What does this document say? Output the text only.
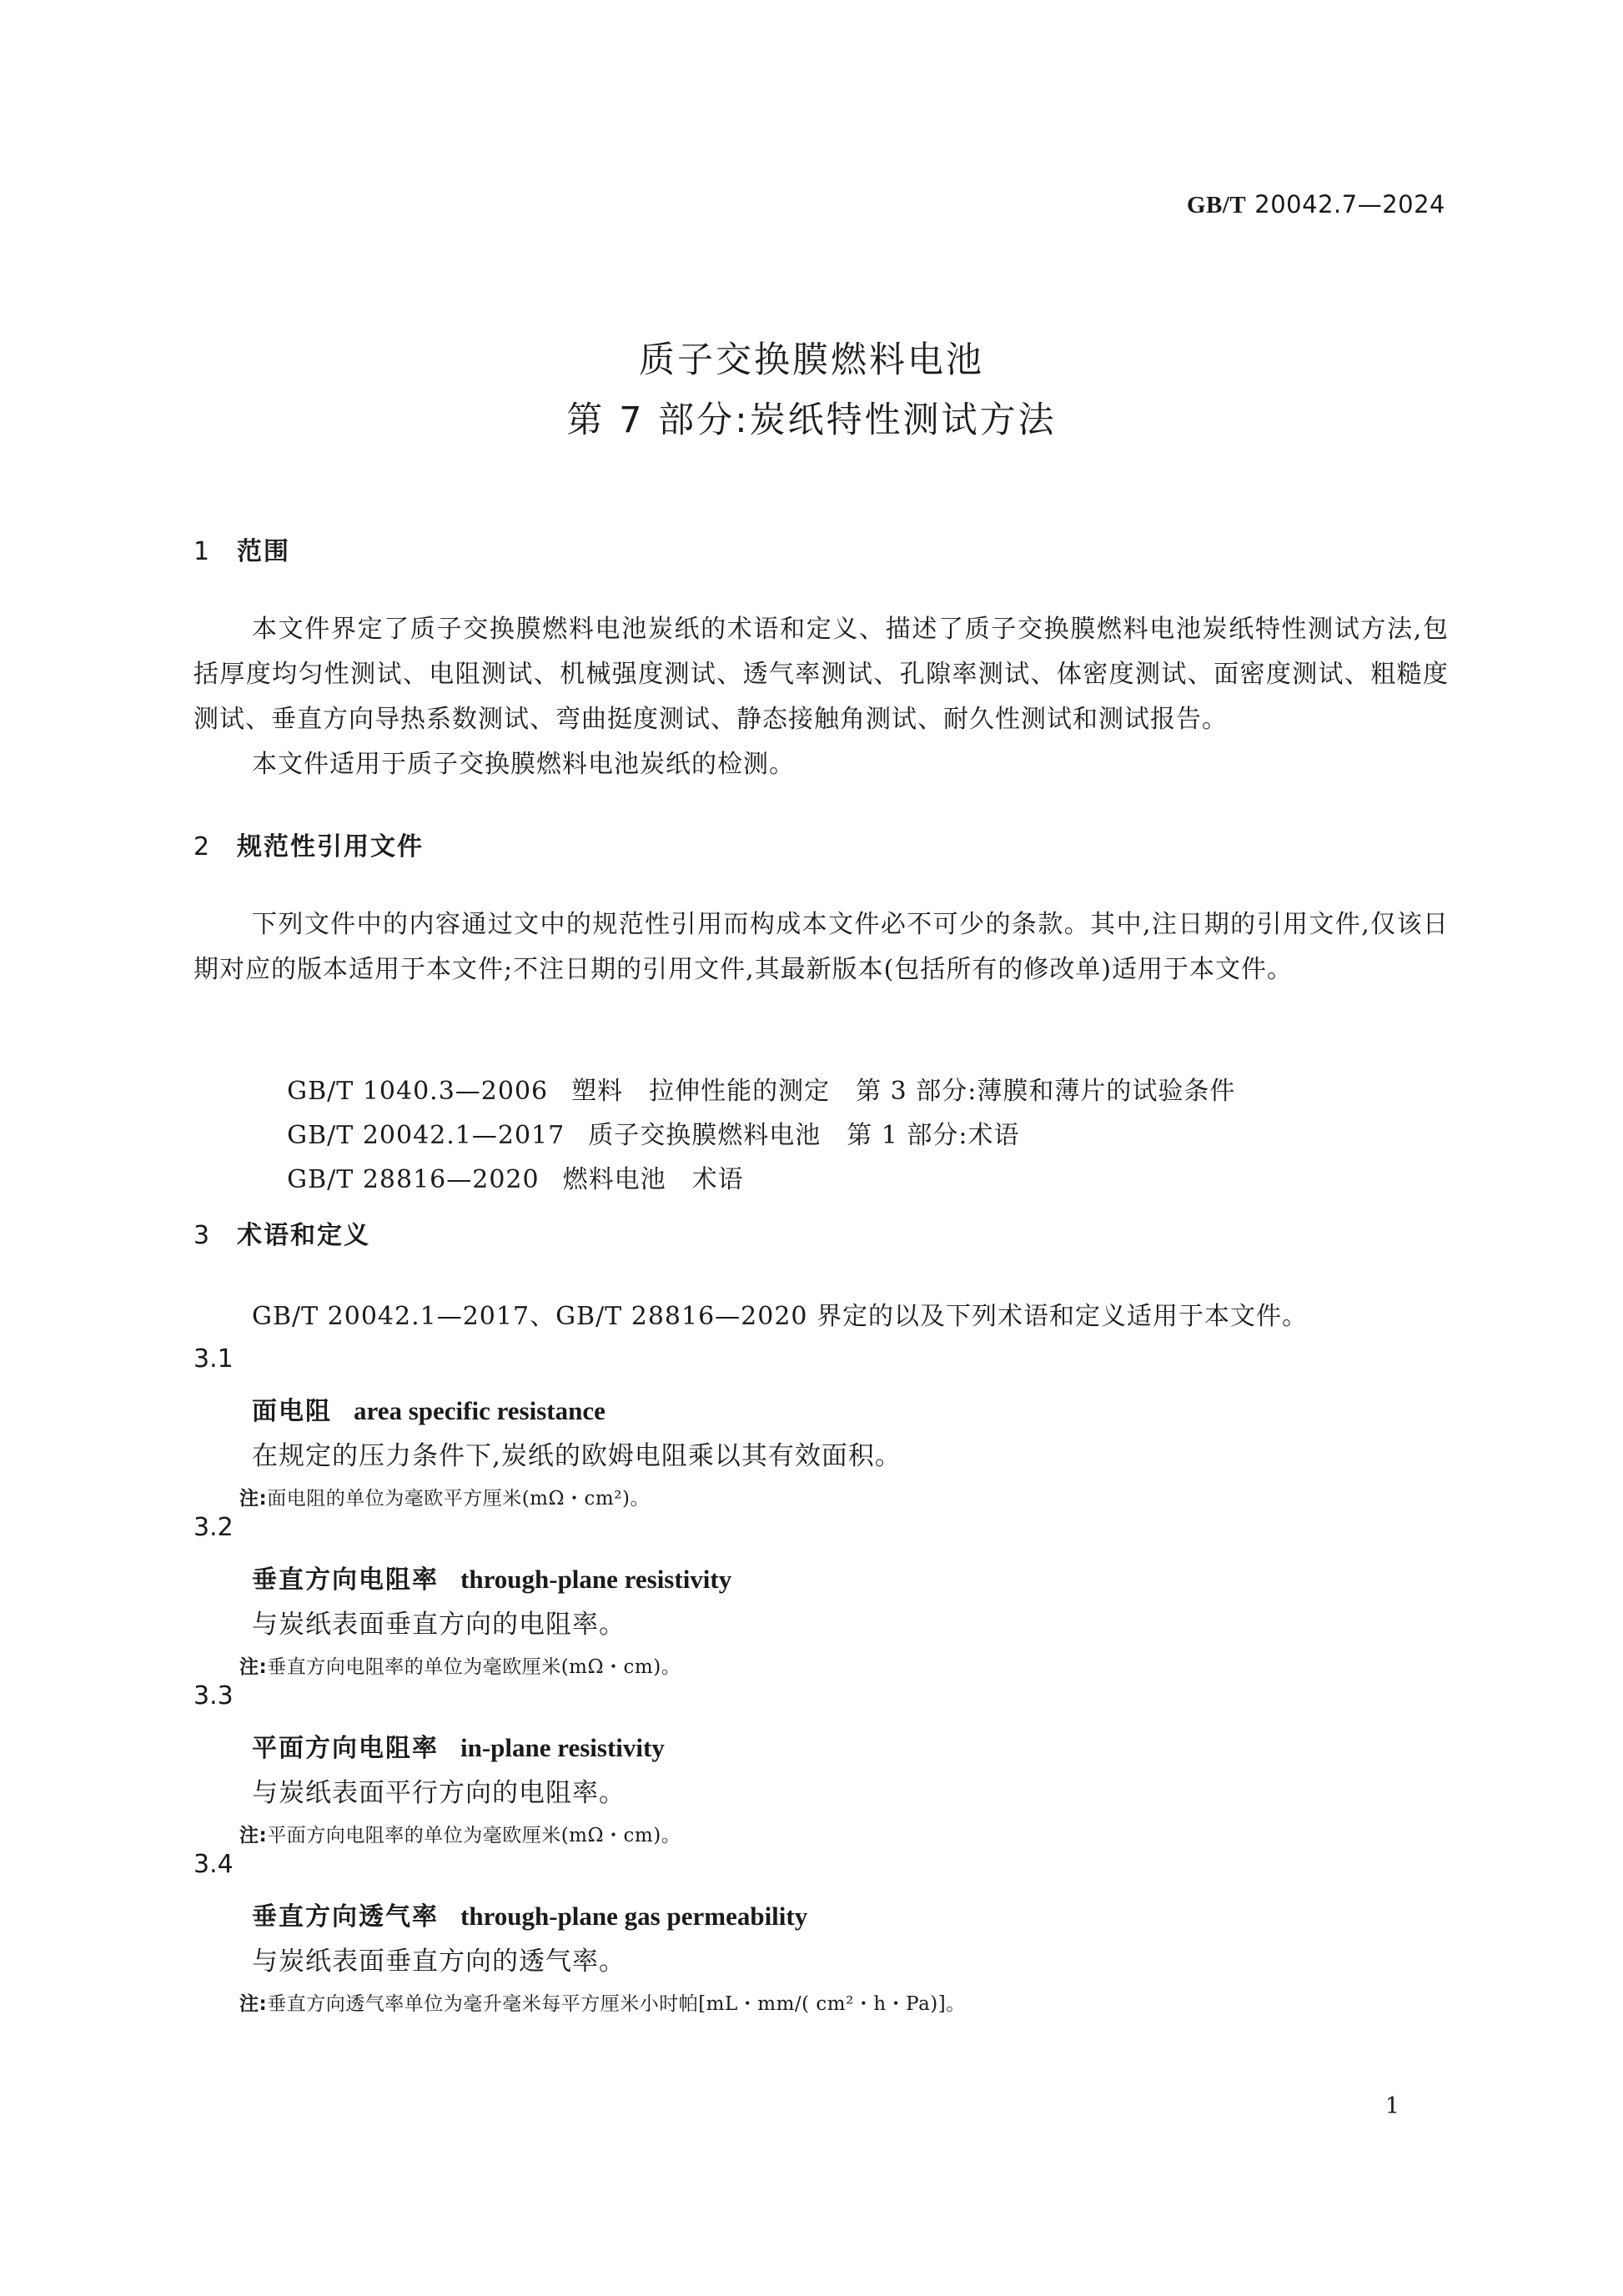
GB/T 20042.7—2024
质子交换膜燃料电池
第 7 部分:炭纸特性测试方法
1 范围
本文件界定了质子交换膜燃料电池炭纸的术语和定义、描述了质子交换膜燃料电池炭纸特性测试方法,包括厚度均匀性测试、电阻测试、机械强度测试、透气率测试、孔隙率测试、体密度测试、面密度测试、粗糙度测试、垂直方向导热系数测试、弯曲挺度测试、静态接触角测试、耐久性测试和测试报告。
本文件适用于质子交换膜燃料电池炭纸的检测。
2 规范性引用文件
下列文件中的内容通过文中的规范性引用而构成本文件必不可少的条款。其中,注日期的引用文件,仅该日期对应的版本适用于本文件;不注日期的引用文件,其最新版本(包括所有的修改单)适用于本文件。

GB/T 1040.3—2006 塑料　拉伸性能的测定　第 3 部分:薄膜和薄片的试验条件

GB/T 20042.1—2017 质子交换膜燃料电池　第 1 部分:术语

GB/T 28816—2020 燃料电池　术语

3 术语和定义
GB/T 20042.1—2017、GB/T 28816—2020 界定的以及下列术语和定义适用于本文件。
3.1
面电阻 area specific resistance
在规定的压力条件下,炭纸的欧姆电阻乘以其有效面积。
注:面电阻的单位为毫欧平方厘米(mΩ・cm²)。
3.2
垂直方向电阻率 through-plane resistivity
与炭纸表面垂直方向的电阻率。
注:垂直方向电阻率的单位为毫欧厘米(mΩ・cm)。
3.3
平面方向电阻率 in-plane resistivity
与炭纸表面平行方向的电阻率。
注:平面方向电阻率的单位为毫欧厘米(mΩ・cm)。
3.4
垂直方向透气率 through-plane gas permeability
与炭纸表面垂直方向的透气率。
注:垂直方向透气率单位为毫升毫米每平方厘米小时帕[mL・mm/( cm²・h・Pa)]。
1
